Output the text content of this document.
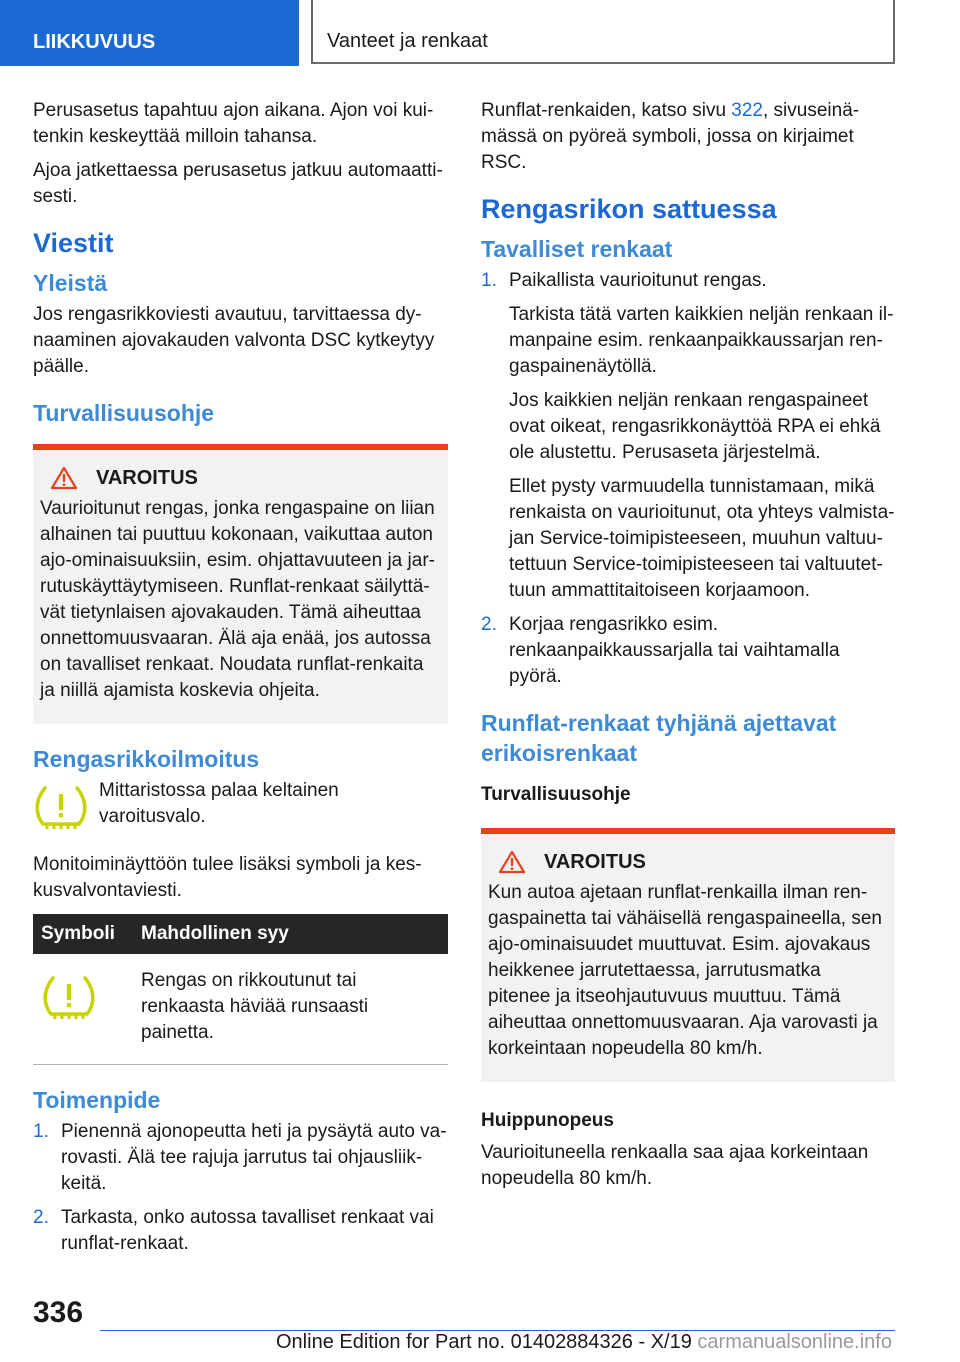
LIIKKUVUUS	Vanteet ja renkaat

Perusasetus tapahtuu ajon aikana. Ajon voi kuitenkin keskeyttää milloin tahansa.

Ajoa jatkettaessa perusasetus jatkuu automaattisesti.

Viestit
Yleistä

Jos rengasrikkoviesti avautuu, tarvittaessa dynaaminen ajovakauden valvonta DSC kytkeytyy päälle.

Turvallisuusohje
VAROITUS

Vaurioitunut rengas, jonka rengaspaine on liian alhainen tai puuttuu kokonaan, vaikuttaa auton ajo-ominaisuuksiin, esim. ohjattavuuteen ja jarrutuskäyttäytymiseen. Runflat-renkaat säilyttävät tietynlaisen ajovakauden. Tämä aiheuttaa onnettomuusvaaran. Älä aja enää, jos autossa on tavalliset renkaat. Noudata runflat-renkaita ja niillä ajamista koskevia ohjeita.

Rengasrikkoilmoitus

Mittaristossa palaa keltainen varoitusvalo.

Monitoiminäyttöön tulee lisäksi symboli ja keskusvalvontaviesti.

Symboli	Mahdollinen syy
	Rengas on rikkoutunut tai renkaasta häviää runsaasti painetta.
Toimenpide
1. Pienennä ajonopeutta heti ja pysäytä auto varovasti. Älä tee rajuja jarrutus tai ohjausliikkeitä.

2. Tarkasta, onko autossa tavalliset renkaat vai runflat-renkaat.

Runflat-renkaiden, katso sivu 322, sivuseinämässä on pyöreä symboli, jossa on kirjaimet RSC.

Rengasrikon sattuessa
Tavalliset renkaat
1. Paikallista vaurioitunut rengas.

Tarkista tätä varten kaikkien neljän renkaan ilmanpaine esim. renkaanpaikkaussarjan rengaspainenäytöllä.

Jos kaikkien neljän renkaan rengaspaineet ovat oikeat, rengasrikkonäyttöä RPA ei ehkä ole alustettu. Perusaseta järjestelmä.

Ellet pysty varmuudella tunnistamaan, mikä renkaista on vaurioitunut, ota yhteys valmistajan Service-toimipisteeseen, muuhun valtuutettuun Service-toimipisteeseen tai valtuutettuun ammattitaitoiseen korjaamoon.

2. Korjaa rengasrikko esim. renkaanpaikkaussarjalla tai vaihtamalla pyörä.

Runflat-renkaat tyhjänä ajettavat erikoisrenkaat
Turvallisuusohje
VAROITUS

Kun autoa ajetaan runflat-renkailla ilman rengaspainetta tai vähäisellä rengaspaineella, sen ajo-ominaisuudet muuttuvat. Esim. ajovakaus heikkenee jarrutettaessa, jarrutusmatka pitenee ja itseohjautuvuus muuttuu. Tämä aiheuttaa onnettomuusvaaran. Aja varovasti ja korkeintaan nopeudella 80 km/h.

Huippunopeus

Vaurioituneella renkaalla saa ajaa korkeintaan nopeudella 80 km/h.

336
Online Edition for Part no. 01402884326 - X/19 carmanualsonline.info
